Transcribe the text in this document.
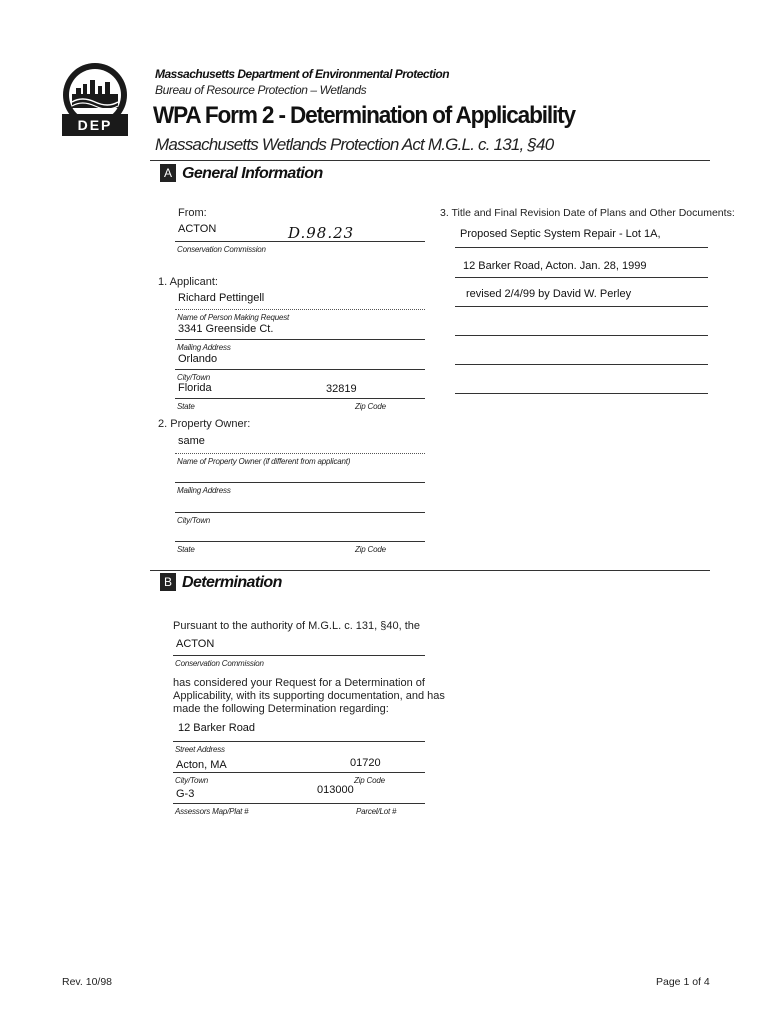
DEP
Massachusetts Department of Environmental Protection
Bureau of Resource Protection – Wetlands
WPA Form 2 - Determination of Applicability
Massachusetts Wetlands Protection Act M.G.L. c. 131, §40
A General Information
From:
ACTON	D.98.23
Conservation Commission
1. Applicant:
Richard Pettingell
Name of Person Making Request
3341 Greenside Ct.
Mailing Address
Orlando
City/Town
Florida	32819
State	Zip Code
2. Property Owner:
same
Name of Property Owner (if different from applicant)
Mailing Address
City/Town
State	Zip Code
3. Title and Final Revision Date of Plans and Other Documents:
Proposed Septic System Repair - Lot 1A,
12 Barker Road, Acton. Jan. 28, 1999
revised 2/4/99 by David W. Perley
B Determination
Pursuant to the authority of M.G.L. c. 131, §40, the
ACTON
Conservation Commission
has considered your Request for a Determination of
Applicability, with its supporting documentation, and has
made the following Determination regarding:
12 Barker Road
Street Address
Acton, MA	01720
City/Town	Zip Code
G-3	013000
Assessors Map/Plat #	Parcel/Lot #
Rev. 10/98	Page 1 of 4
